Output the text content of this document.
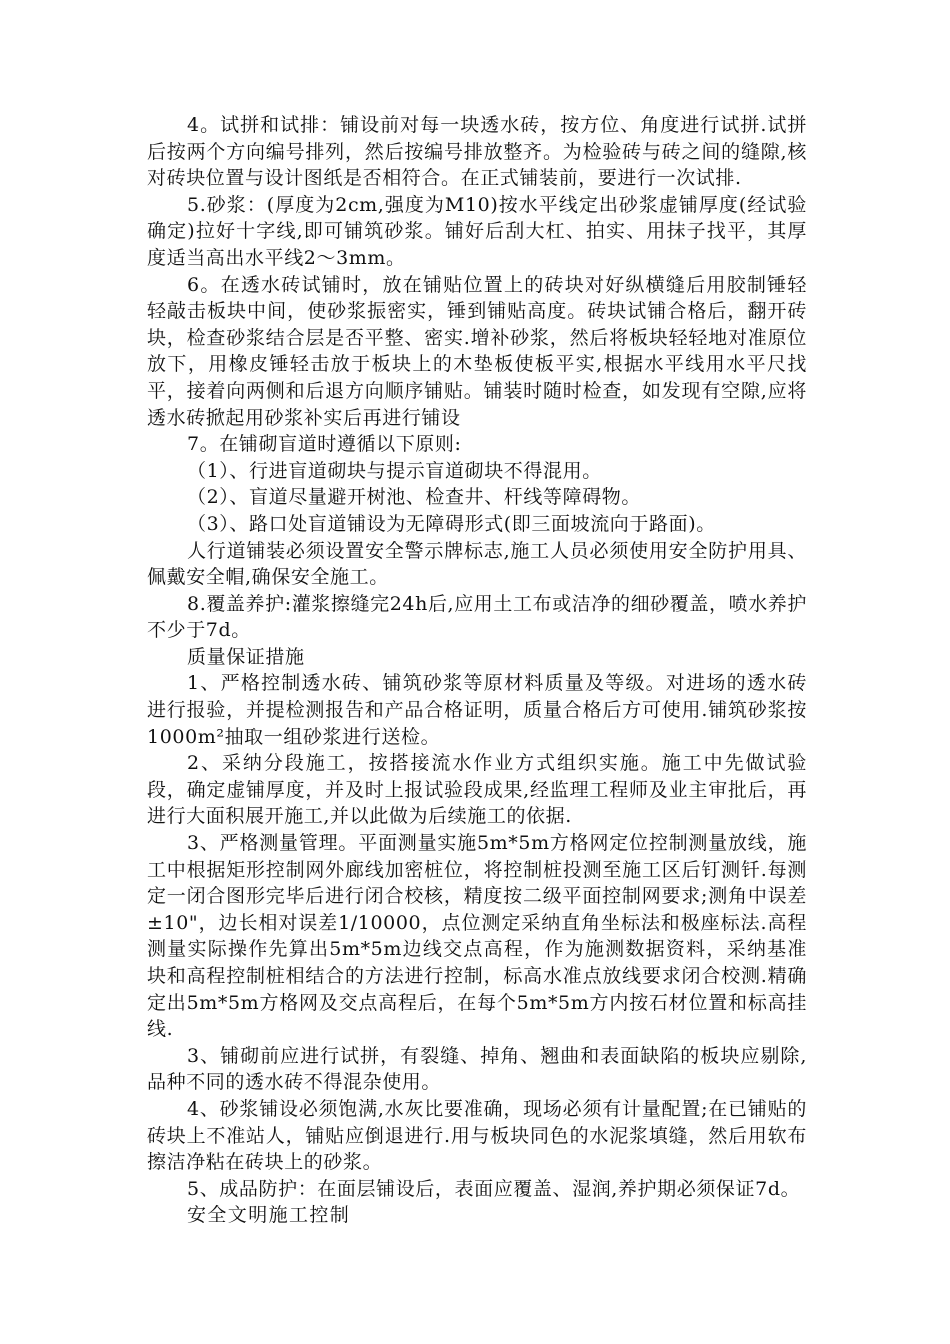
4。试拼和试排：铺设前对每一块透水砖，按方位、角度进行试拼.试拼后按两个方向编号排列，然后按编号排放整齐。为检验砖与砖之间的缝隙,核对砖块位置与设计图纸是否相符合。在正式铺装前，要进行一次试排.

5.砂浆：(厚度为2cm,强度为M10)按水平线定出砂浆虚铺厚度(经试验确定)拉好十字线,即可铺筑砂浆。铺好后刮大杠、拍实、用抹子找平，其厚度适当高出水平线2～3mm。

6。在透水砖试铺时，放在铺贴位置上的砖块对好纵横缝后用胶制锤轻轻敲击板块中间，使砂浆振密实，锤到铺贴高度。砖块试铺合格后，翻开砖块，检查砂浆结合层是否平整、密实.增补砂浆，然后将板块轻轻地对准原位放下，用橡皮锤轻击放于板块上的木垫板使板平实,根据水平线用水平尺找平，接着向两侧和后退方向顺序铺贴。铺装时随时检查，如发现有空隙,应将透水砖掀起用砂浆补实后再进行铺设

7。在铺砌盲道时遵循以下原则:

（1）、行进盲道砌块与提示盲道砌块不得混用。

（2）、盲道尽量避开树池、检查井、杆线等障碍物。

（3）、路口处盲道铺设为无障碍形式(即三面坡流向于路面)。

人行道铺装必须设置安全警示牌标志,施工人员必须使用安全防护用具、佩戴安全帽,确保安全施工。

8.覆盖养护:灌浆擦缝完24h后,应用土工布或洁净的细砂覆盖，喷水养护不少于7d。

质量保证措施

1、严格控制透水砖、铺筑砂浆等原材料质量及等级。对进场的透水砖进行报验，并提检测报告和产品合格证明，质量合格后方可使用.铺筑砂浆按1000m²抽取一组砂浆进行送检。

2、采纳分段施工，按搭接流水作业方式组织实施。施工中先做试验段，确定虚铺厚度，并及时上报试验段成果,经监理工程师及业主审批后，再进行大面积展开施工,并以此做为后续施工的依据.

3、严格测量管理。平面测量实施5m*5m方格网定位控制测量放线，施工中根据矩形控制网外廊线加密桩位，将控制桩投测至施工区后钉测钎.每测定一闭合图形完毕后进行闭合校核，精度按二级平面控制网要求;测角中误差±10"，边长相对误差1/10000，点位测定采纳直角坐标法和极座标法.高程测量实际操作先算出5m*5m边线交点高程，作为施测数据资料，采纳基准块和高程控制桩相结合的方法进行控制，标高水准点放线要求闭合校测.精确定出5m*5m方格网及交点高程后，在每个5m*5m方内按石材位置和标高挂线.

3、铺砌前应进行试拼，有裂缝、掉角、翘曲和表面缺陷的板块应剔除,品种不同的透水砖不得混杂使用。

4、砂浆铺设必须饱满,水灰比要准确，现场必须有计量配置;在已铺贴的砖块上不准站人，铺贴应倒退进行.用与板块同色的水泥浆填缝，然后用软布擦洁净粘在砖块上的砂浆。

5、成品防护：在面层铺设后，表面应覆盖、湿润,养护期必须保证7d。

安全文明施工控制
